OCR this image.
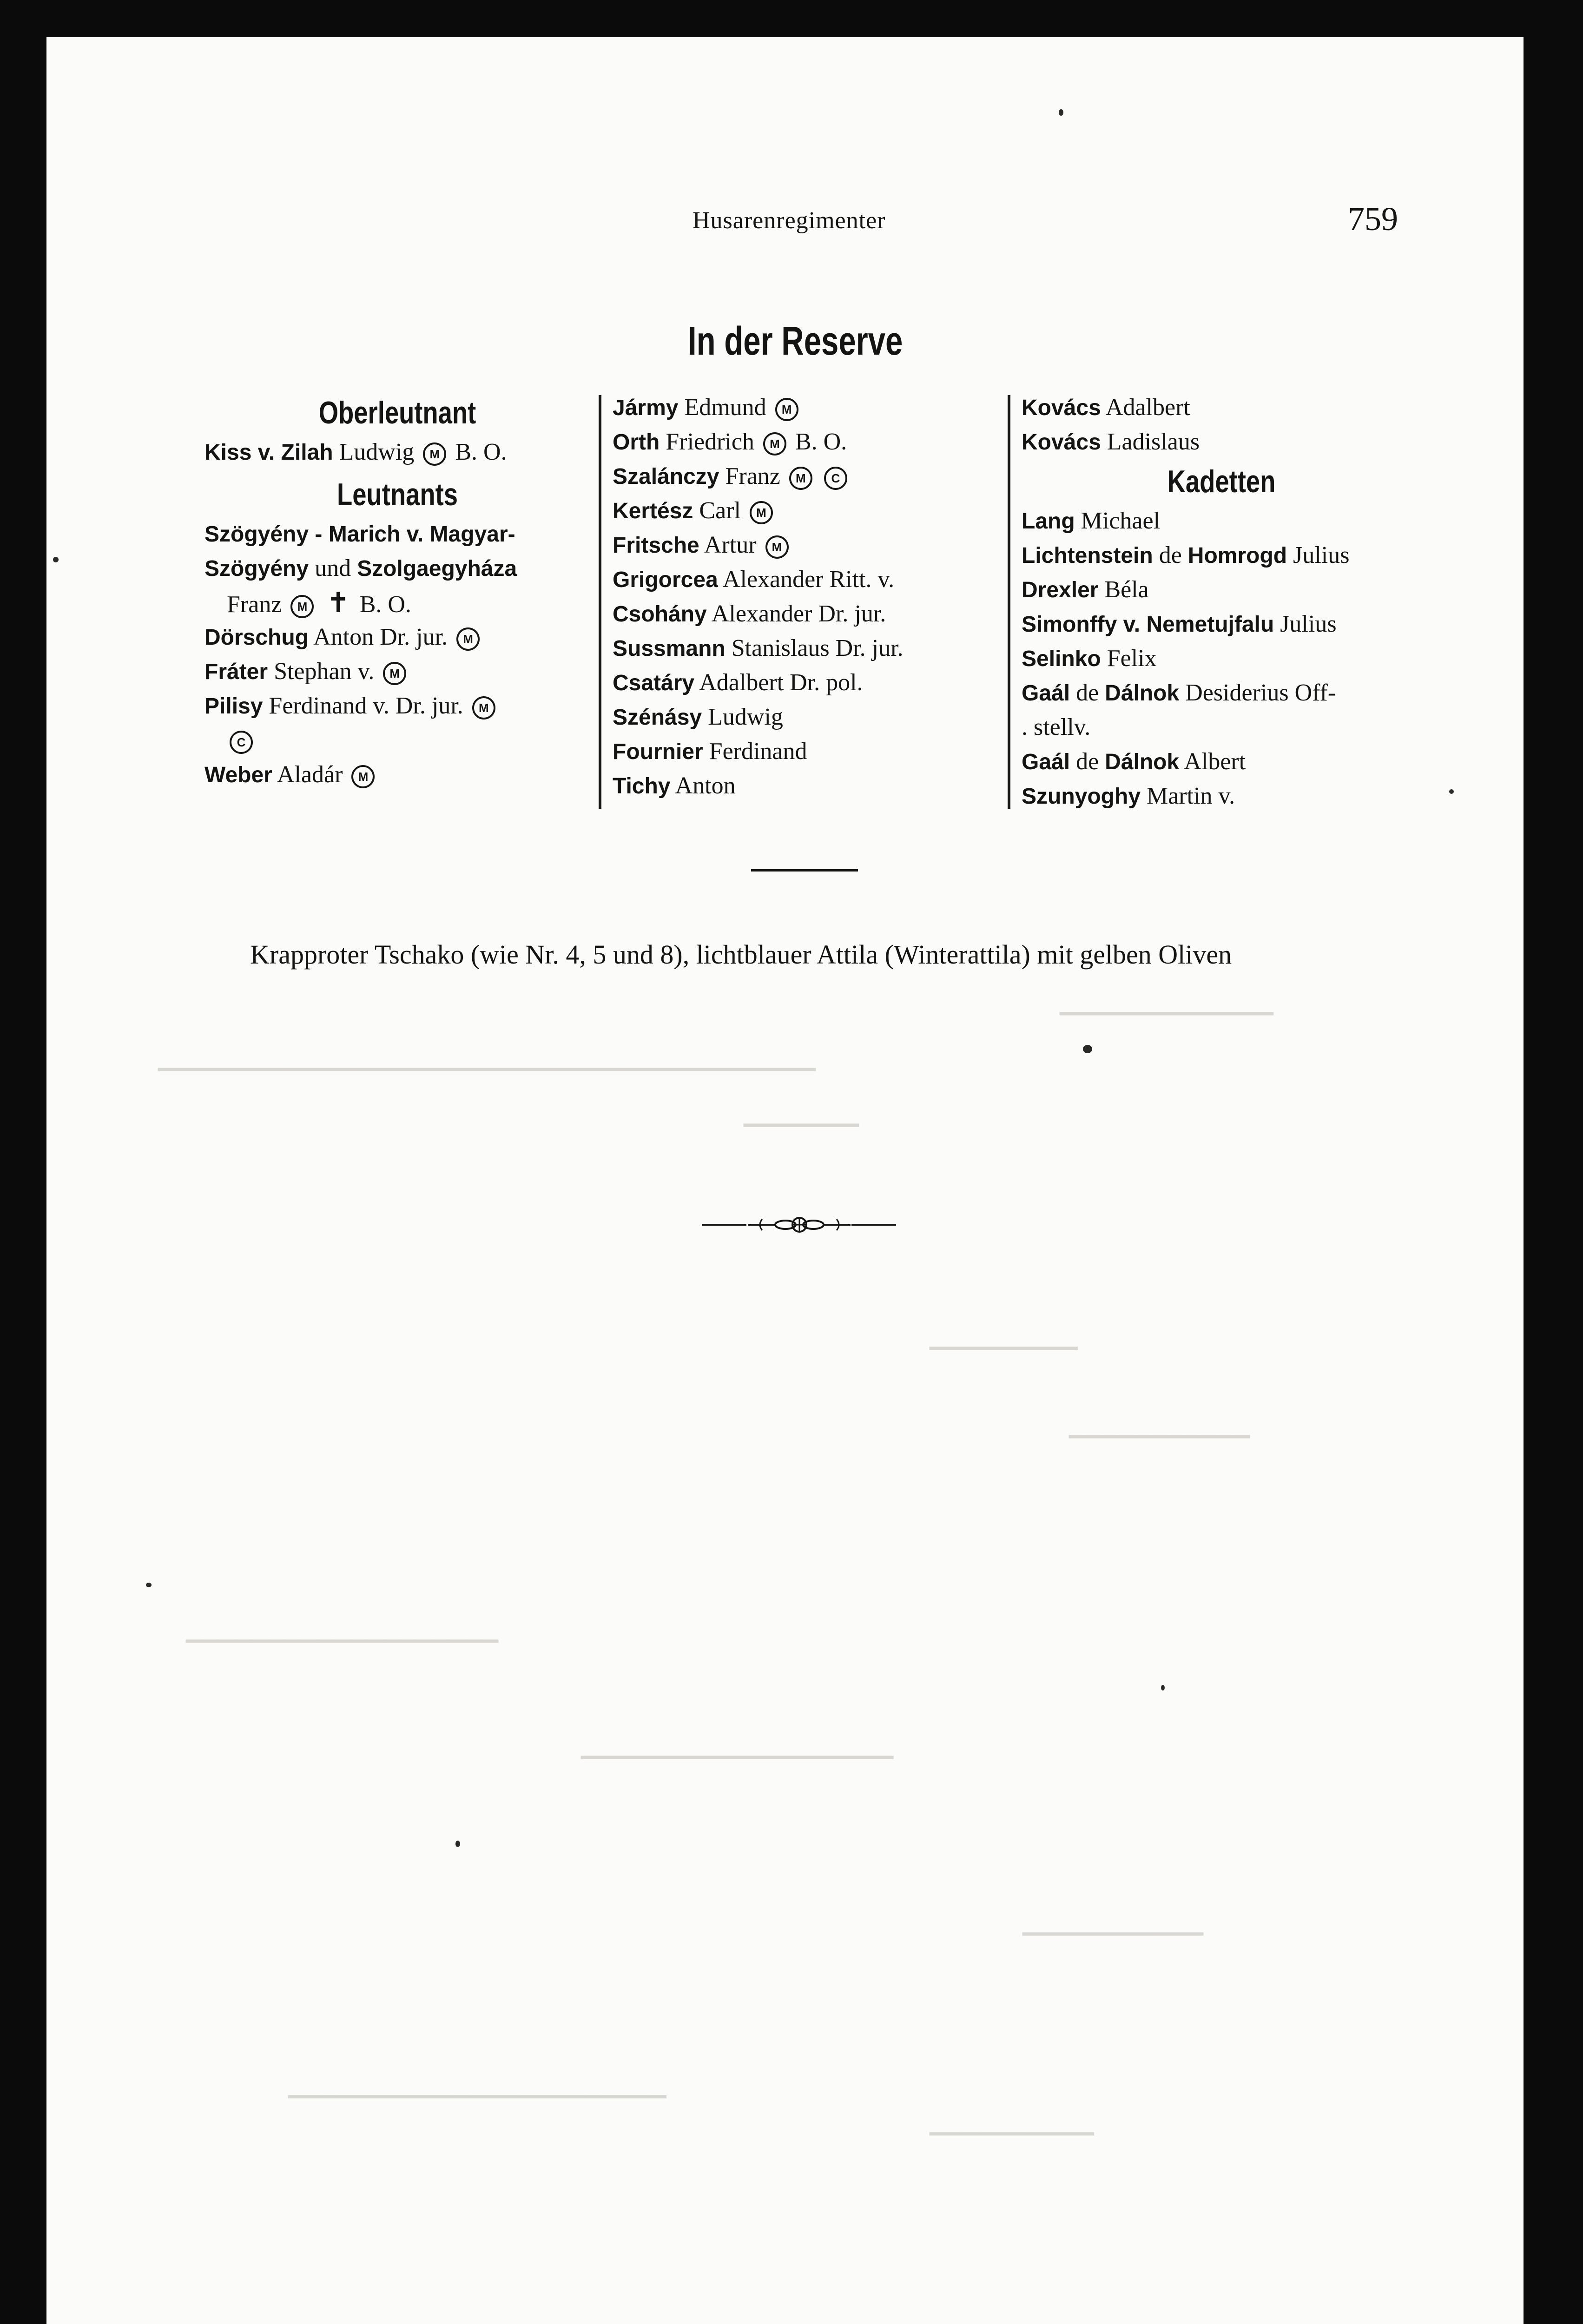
▁▁▁▁▁▁▁▁▁▁▁▁▁
▁▁▁▁▁▁▁▁▁▁▁▁▁▁▁▁▁▁▁▁▁▁▁▁▁▁▁▁▁▁▁▁▁▁▁▁▁▁▁▁
▁▁▁▁▁▁▁
▁▁▁▁▁▁▁▁▁
▁▁▁▁▁▁▁▁▁▁▁
▁▁▁▁▁▁▁▁▁▁▁▁▁▁▁▁▁▁▁
▁▁▁▁▁▁▁▁▁▁▁▁▁▁▁▁▁▁▁
▁▁▁▁▁▁▁▁▁▁▁
▁▁▁▁▁▁▁▁▁▁▁▁▁▁▁▁▁▁▁▁▁▁▁
▁▁▁▁▁▁▁▁▁▁
Husarenregimenter	759
In der Reserve
Oberleutnant
Kiss v. Zilah Ludwig M B. O.
Leutnants
Szögyény - Marich v. Magyar-
Szögyény und Szolgaegyháza
Franz M ✝ B. O.
Dörschug Anton Dr. jur. M
Fráter Stephan v. M
Pilisy Ferdinand v. Dr. jur. M
C
Weber Aladár M
Jármy Edmund M
Orth Friedrich M B. O.
Szalánczy Franz M C
Kertész Carl M
Fritsche Artur M
Grigorcea Alexander Ritt. v.
Csohány Alexander Dr. jur.
Sussmann Stanislaus Dr. jur.
Csatáry Adalbert Dr. pol.
Szénásy Ludwig
Fournier Ferdinand
Tichy Anton
Kovács Adalbert
Kovács Ladislaus
Kadetten
Lang Michael
Lichtenstein de Homrogd Julius
Drexler Béla
Simonffy v. Nemetujfalu Julius
Selinko Felix
Gaál de Dálnok Desiderius Off-
. stellv.
Gaál de Dálnok Albert
Szunyoghy Martin v.
Krapproter Tschako (wie Nr. 4, 5 und 8), lichtblauer Attila (Winterattila) mit gelben Oliven
